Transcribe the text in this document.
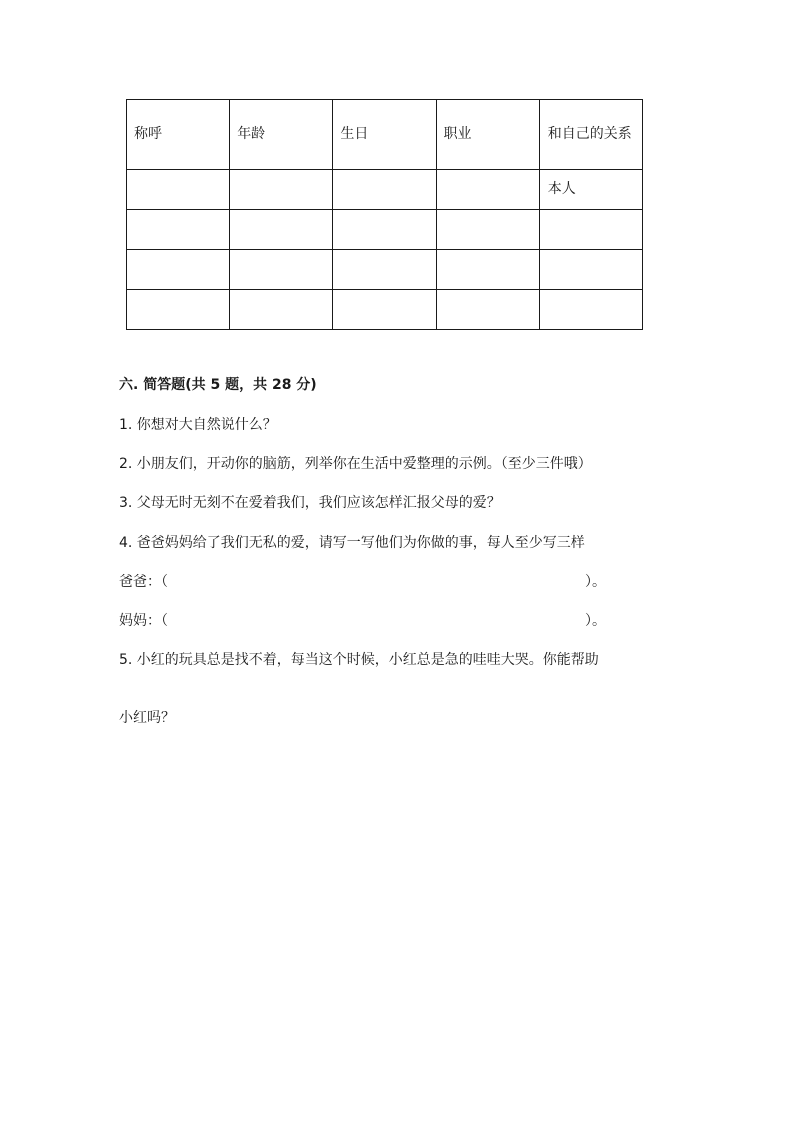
称呼	年龄	生日	职业	和自己的关系
				本人

六. 简答题(共 5 题，共 28 分)
1. 你想对大自然说什么？
2. 小朋友们，开动你的脑筋，列举你在生活中爱整理的示例。（至少三件哦）
3. 父母无时无刻不在爱着我们，我们应该怎样汇报父母的爱？
4. 爸爸妈妈给了我们无私的爱，请写一写他们为你做的事，每人至少写三样
爸爸：（	）。
妈妈：（	）。
5. 小红的玩具总是找不着，每当这个时候，小红总是急的哇哇大哭。你能帮助
小红吗？
